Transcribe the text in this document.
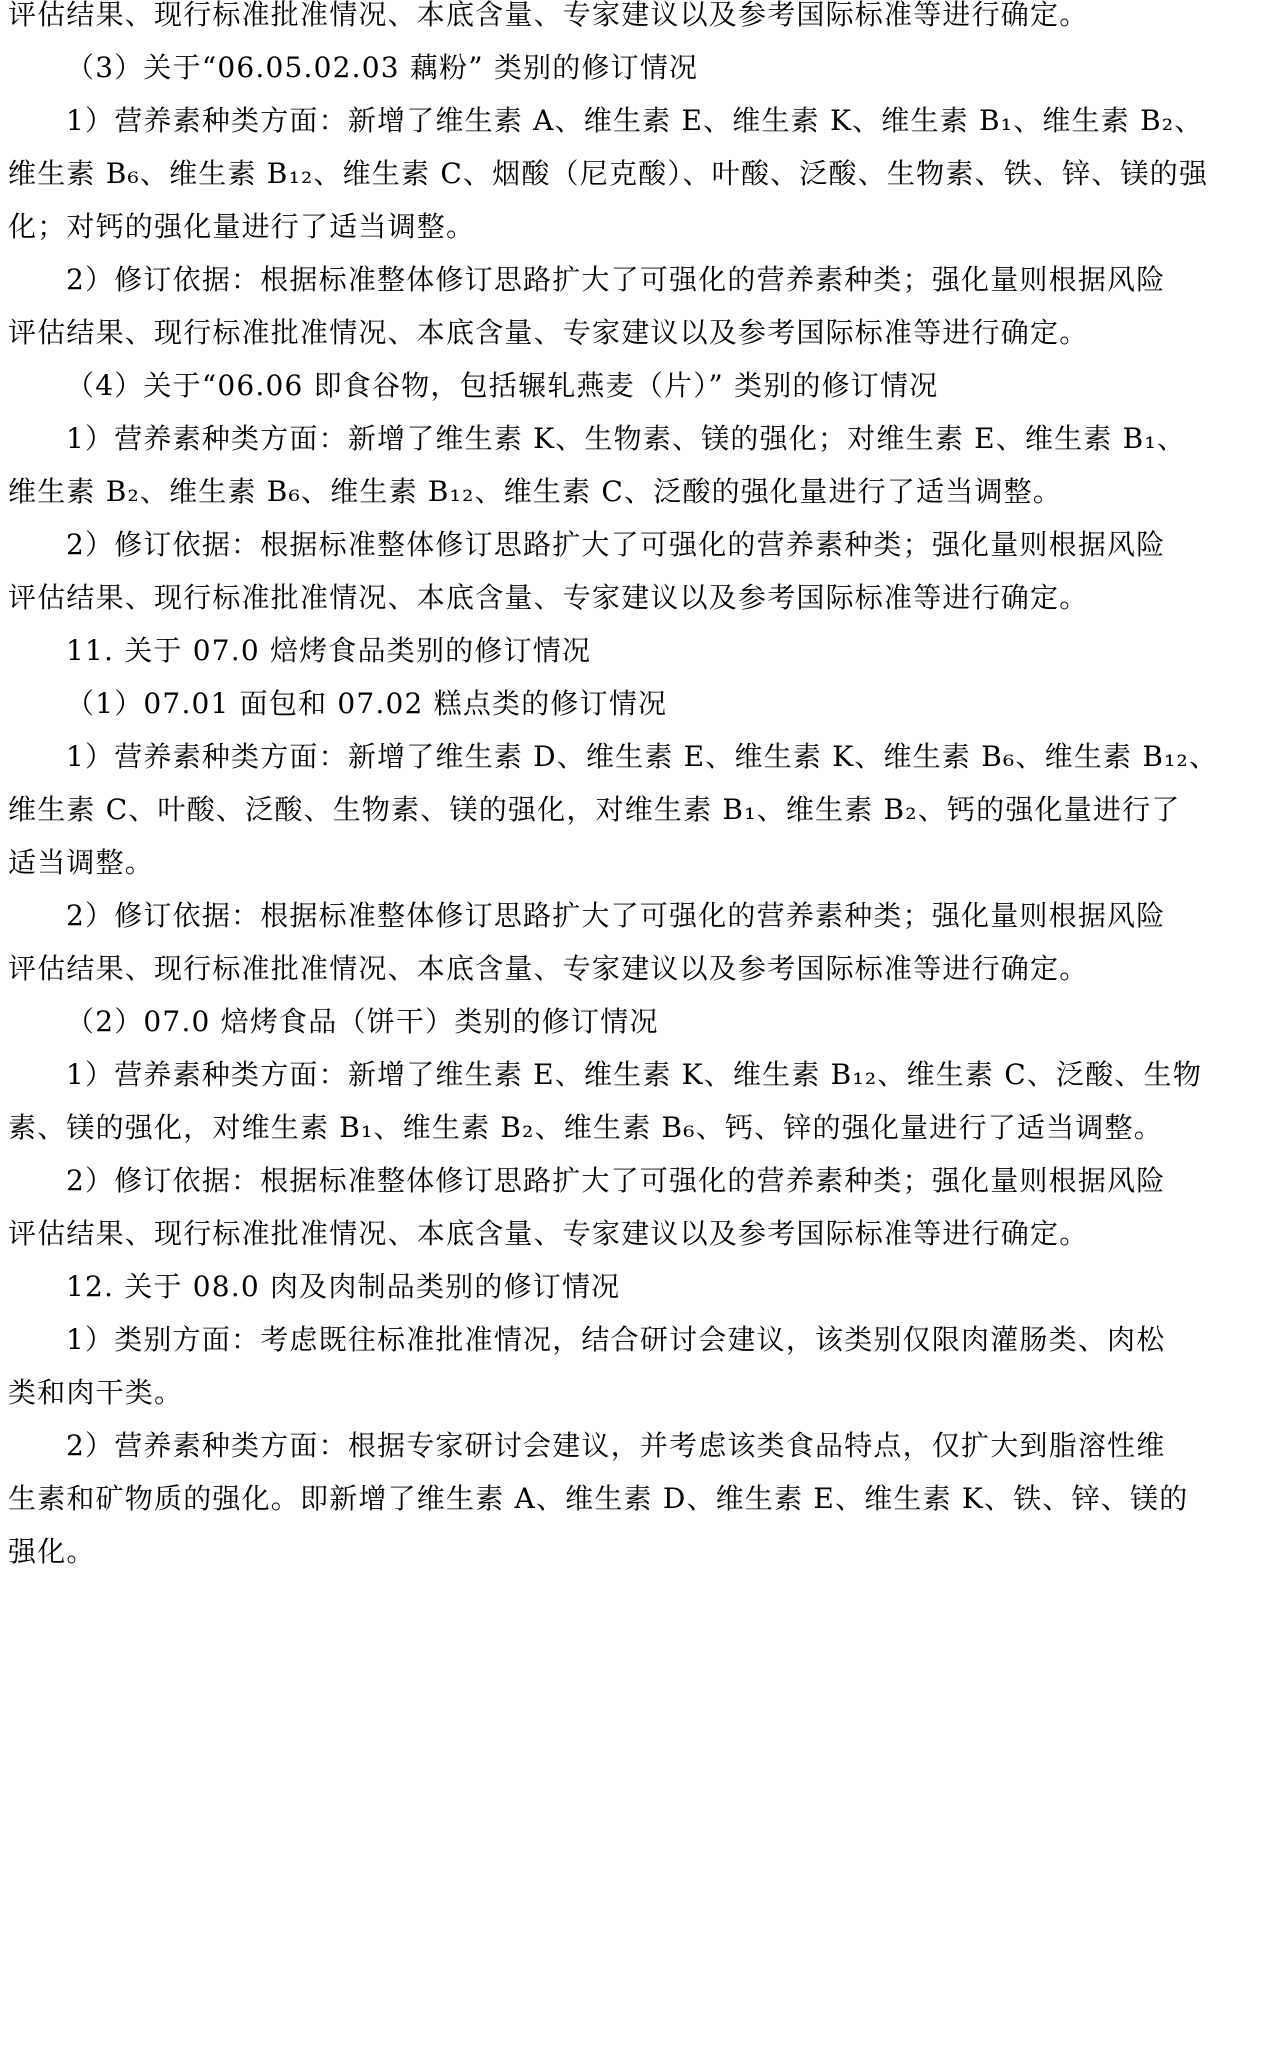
评估结果、现行标准批准情况、本底含量、专家建议以及参考国际标准等进行确定。
（3）关于“06.05.02.03 藕粉” 类别的修订情况
1）营养素种类方面：新增了维生素 A、维生素 E、维生素 K、维生素 B₁、维生素 B₂、
维生素 B₆、维生素 B₁₂、维生素 C、烟酸（尼克酸）、叶酸、泛酸、生物素、铁、锌、镁的强
化；对钙的强化量进行了适当调整。
2）修订依据：根据标准整体修订思路扩大了可强化的营养素种类；强化量则根据风险
评估结果、现行标准批准情况、本底含量、专家建议以及参考国际标准等进行确定。
（4）关于“06.06 即食谷物，包括辗轧燕麦（片）” 类别的修订情况
1）营养素种类方面：新增了维生素 K、生物素、镁的强化；对维生素 E、维生素 B₁、
维生素 B₂、维生素 B₆、维生素 B₁₂、维生素 C、泛酸的强化量进行了适当调整。
2）修订依据：根据标准整体修订思路扩大了可强化的营养素种类；强化量则根据风险
评估结果、现行标准批准情况、本底含量、专家建议以及参考国际标准等进行确定。
11. 关于 07.0 焙烤食品类别的修订情况
（1）07.01 面包和 07.02 糕点类的修订情况
1）营养素种类方面：新增了维生素 D、维生素 E、维生素 K、维生素 B₆、维生素 B₁₂、
维生素 C、叶酸、泛酸、生物素、镁的强化，对维生素 B₁、维生素 B₂、钙的强化量进行了
适当调整。
2）修订依据：根据标准整体修订思路扩大了可强化的营养素种类；强化量则根据风险
评估结果、现行标准批准情况、本底含量、专家建议以及参考国际标准等进行确定。
（2）07.0 焙烤食品（饼干）类别的修订情况
1）营养素种类方面：新增了维生素 E、维生素 K、维生素 B₁₂、维生素 C、泛酸、生物
素、镁的强化，对维生素 B₁、维生素 B₂、维生素 B₆、钙、锌的强化量进行了适当调整。
2）修订依据：根据标准整体修订思路扩大了可强化的营养素种类；强化量则根据风险
评估结果、现行标准批准情况、本底含量、专家建议以及参考国际标准等进行确定。
12. 关于 08.0 肉及肉制品类别的修订情况
1）类别方面：考虑既往标准批准情况，结合研讨会建议，该类别仅限肉灌肠类、肉松
类和肉干类。
2）营养素种类方面：根据专家研讨会建议，并考虑该类食品特点，仅扩大到脂溶性维
生素和矿物质的强化。即新增了维生素 A、维生素 D、维生素 E、维生素 K、铁、锌、镁的
强化。
